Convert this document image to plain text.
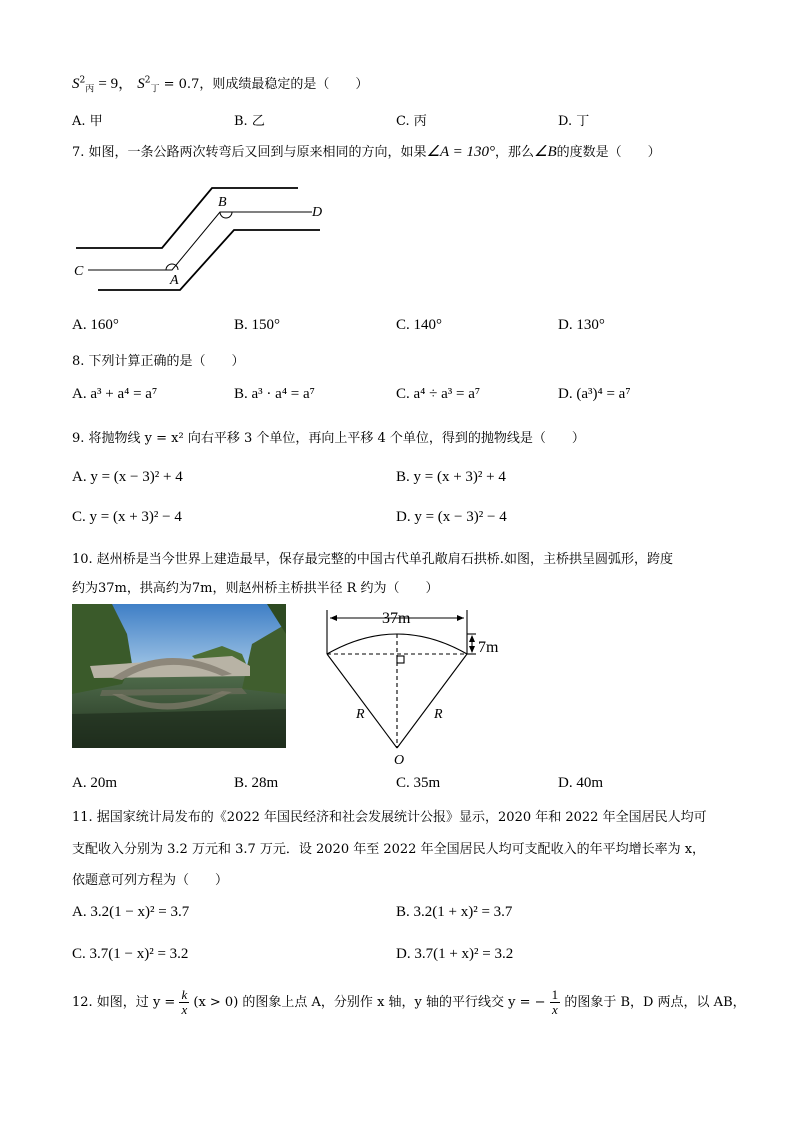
$S^2_丙 = 9$， $S^2_丁 = 0.7$，则成绩最稳定的是（　　）
A. 甲	B. 乙	C. 丙	D. 丁
7. 如图，一条公路两次转弯后又回到与原来相同的方向，如果∠A = 130°，那么∠B的度数是（　　）
B
D
C
A
A. 160°	B. 150°	C. 140°	D. 130°
8. 下列计算正确的是（　　）
A. a³ + a⁴ = a⁷	B. a³ · a⁴ = a⁷	C. a⁴ ÷ a³ = a⁷	D. (a³)⁴ = a⁷
9. 将抛物线 y = x² 向右平移 3 个单位，再向上平移 4 个单位，得到的抛物线是（　　）
A. y = (x − 3)² + 4	B. y = (x + 3)² + 4
C. y = (x + 3)² − 4	D. y = (x − 3)² − 4
10. 赵州桥是当今世界上建造最早，保存最完整的中国古代单孔敞肩石拱桥.如图，主桥拱呈圆弧形，跨度
约为37m，拱高约为7m，则赵州桥主桥拱半径 R 约为（　　）
37m
7m
R	R
O
A. 20m	B. 28m	C. 35m	D. 40m
11. 据国家统计局发布的《2022 年国民经济和社会发展统计公报》显示，2020 年和 2022 年全国居民人均可
支配收入分别为 3.2 万元和 3.7 万元．设 2020 年至 2022 年全国居民人均可支配收入的年平均增长率为 x，
依题意可列方程为（　　）
A. 3.2(1 − x)² = 3.7	B. 3.2(1 + x)² = 3.7
C. 3.7(1 − x)² = 3.2	D. 3.7(1 + x)² = 3.2
12. 如图，过 $y = \frac{k}{x} (x > 0)$ 的图象上点 A，分别作 x 轴，y 轴的平行线交 y = − $\frac{1}{x}$ 的图象于 B，D 两点，以 AB，
